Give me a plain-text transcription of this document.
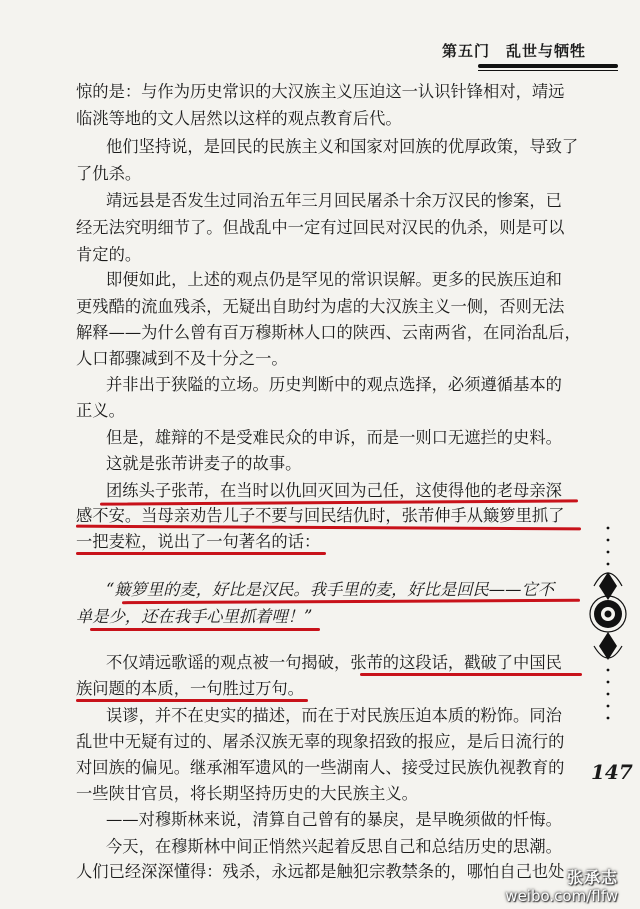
第五门　乱世与牺牲
惊的是：与作为历史常识的大汉族主义压迫这一认识针锋相对，靖远
临洮等地的文人居然以这样的观点教育后代。
他们坚持说，是回民的民族主义和国家对回族的优厚政策，导致了
了仇杀。
靖远县是否发生过同治五年三月回民屠杀十余万汉民的惨案，已
经无法究明细节了。但战乱中一定有过回民对汉民的仇杀，则是可以
肯定的。
即便如此，上述的观点仍是罕见的常识误解。更多的民族压迫和
更残酷的流血残杀，无疑出自助纣为虐的大汉族主义一侧，否则无法
解释——为什么曾有百万穆斯林人口的陕西、云南两省，在同治乱后，
人口都骤减到不及十分之一。
并非出于狭隘的立场。历史判断中的观点选择，必须遵循基本的
正义。
但是，雄辩的不是受难民众的申诉，而是一则口无遮拦的史料。
这就是张芾讲麦子的故事。
团练头子张芾，在当时以仇回灭回为己任，这使得他的老母亲深
感不安。当母亲劝告儿子不要与回民结仇时，张芾伸手从簸箩里抓了
一把麦粒，说出了一句著名的话：
“簸箩里的麦，好比是汉民。我手里的麦，好比是回民——它不
单是少，还在我手心里抓着哩！”
不仅靖远歌谣的观点被一句揭破，张芾的这段话，戳破了中国民
族问题的本质，一句胜过万句。
误谬，并不在史实的描述，而在于对民族压迫本质的粉饰。同治
乱世中无疑有过的、屠杀汉族无辜的现象招致的报应，是后日流行的
对回族的偏见。继承湘军遗风的一些湖南人、接受过民族仇视教育的
一些陕甘官员，将长期坚持历史的大民族主义。
——对穆斯林来说，清算自己曾有的暴戾，是早晚须做的忏悔。
今天，在穆斯林中间正悄然兴起着反思自己和总结历史的思潮。
人们已经深深懂得：残杀，永远都是触犯宗教禁条的，哪怕自己也处
147
张承志
weibo.com/flfw
